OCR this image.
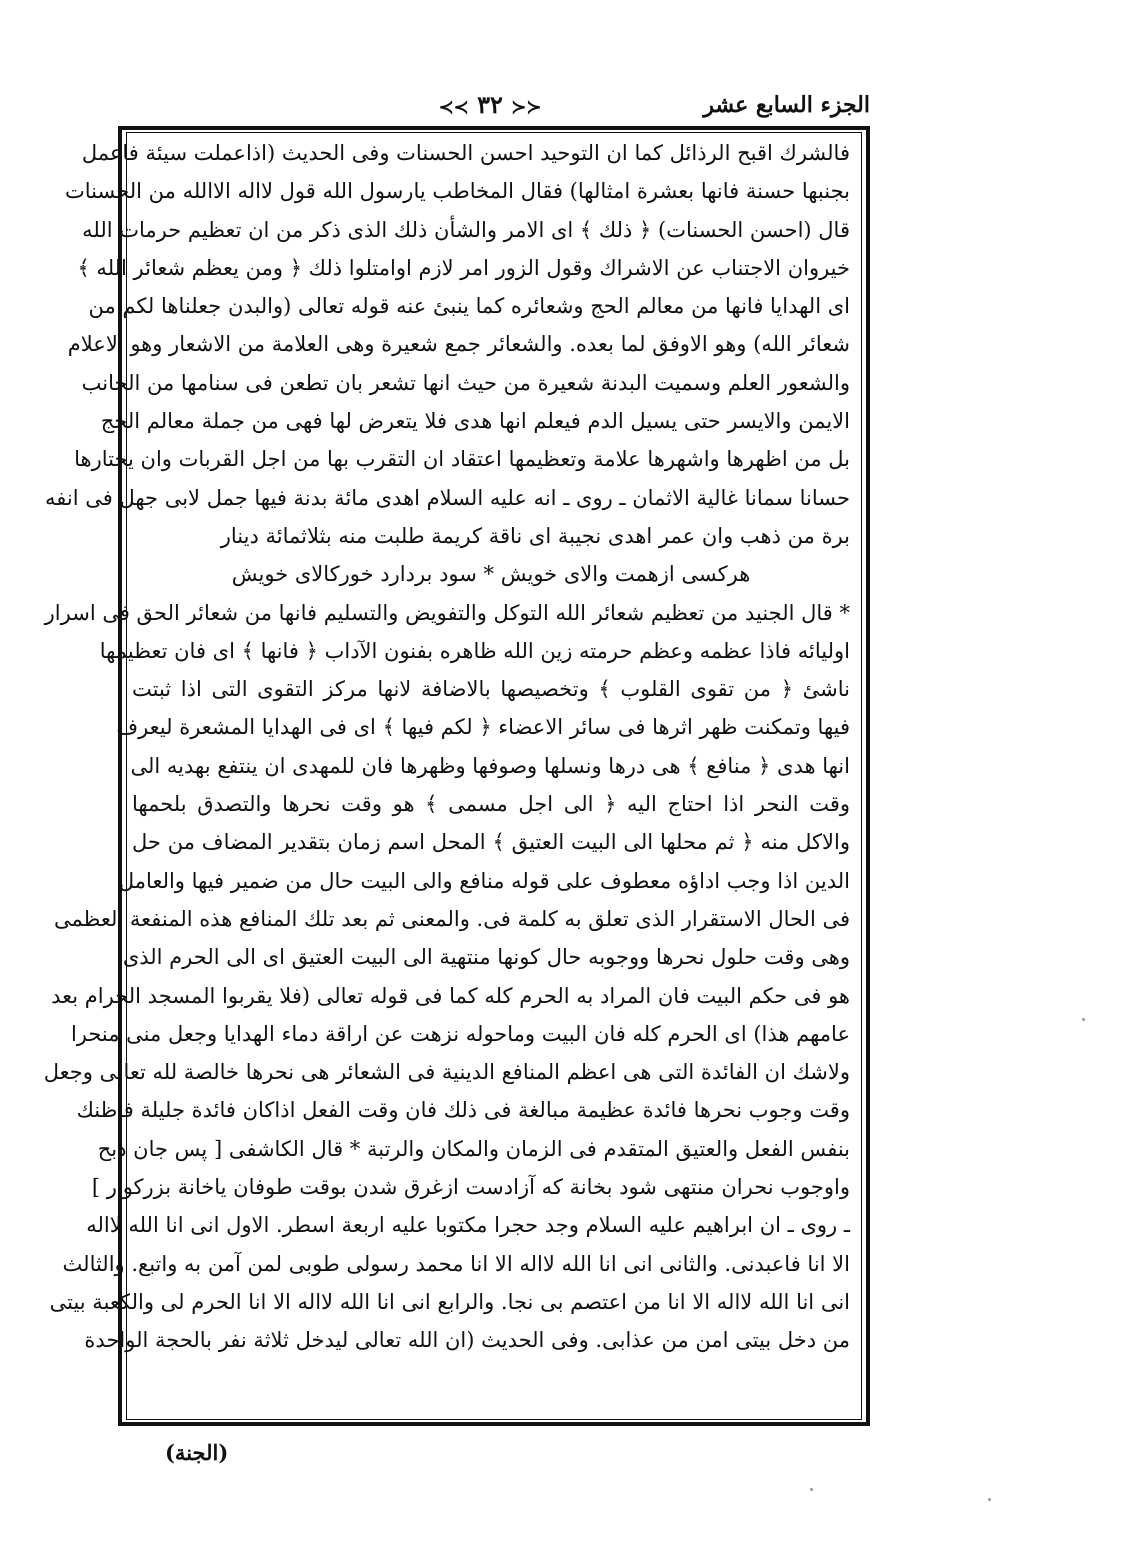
الجزء السابع عشر
≺≺ ٣٢ ≻≻
فالشرك اقبح الرذائل كما ان التوحيد احسن الحسنات وفى الحديث (اذاعملت سيئة فاعمل
بجنبها حسنة فانها بعشرة امثالها) فقال المخاطب يارسول الله قول لااله الاالله من الحسنات
قال (احسن الحسنات) ﴿ ذلك ﴾ اى الامر والشأن ذلك الذى ذكر من ان تعظيم حرمات الله
خيروان الاجتناب عن الاشراك وقول الزور امر لازم اوامتلوا ذلك ﴿ ومن يعظم شعائر الله ﴾
اى الهدايا فانها من معالم الحج وشعائره كما ينبئ عنه قوله تعالى (والبدن جعلناها لكم من
شعائر الله) وهو الاوفق لما بعده. والشعائر جمع شعيرة وهى العلامة من الاشعار وهو الاعلام
والشعور العلم وسميت البدنة شعيرة من حيث انها تشعر بان تطعن فى سنامها من الجانب
الايمن والايسر حتى يسيل الدم فيعلم انها هدى فلا يتعرض لها فهى من جملة معالم الحج
بل من اظهرها واشهرها علامة وتعظيمها اعتقاد ان التقرب بها من اجل القربات وان يختارها
حسانا سمانا غالية الاثمان ـ روى ـ انه عليه السلام اهدى مائة بدنة فيها جمل لابى جهل فى انفه
برة من ذهب وان عمر اهدى نجيبة اى ناقة كريمة طلبت منه بثلاثمائة دينار
هركسى ازهمت والاى خويش * سود بردارد خوركالاى خويش
* قال الجنيد من تعظيم شعائر الله التوكل والتفويض والتسليم فانها من شعائر الحق فى اسرار
اوليائه فاذا عظمه وعظم حرمته زين الله ظاهره بفنون الآداب ﴿ فانها ﴾ اى فان تعظيمها
ناشئ ﴿ من تقوى القلوب ﴾ وتخصيصها بالاضافة لانها مركز التقوى التى اذا ثبتت
فيها وتمكنت ظهر اثرها فى سائر الاعضاء ﴿ لكم فيها ﴾ اى فى الهدايا المشعرة ليعرف
انها هدى ﴿ منافع ﴾ هى درها ونسلها وصوفها وظهرها فان للمهدى ان ينتفع بهديه الى
وقت النحر اذا احتاج اليه ﴿ الى اجل مسمى ﴾ هو وقت نحرها والتصدق بلحمها
والاكل منه ﴿ ثم محلها الى البيت العتيق ﴾ المحل اسم زمان بتقدير المضاف من حل
الدين اذا وجب اداؤه معطوف على قوله منافع والى البيت حال من ضمير فيها والعامل
فى الحال الاستقرار الذى تعلق به كلمة فى. والمعنى ثم بعد تلك المنافع هذه المنفعة العظمى
وهى وقت حلول نحرها ووجوبه حال كونها منتهية الى البيت العتيق اى الى الحرم الذى
هو فى حكم البيت فان المراد به الحرم كله كما فى قوله تعالى (فلا يقربوا المسجد الحرام بعد
عامهم هذا) اى الحرم كله فان البيت وماحوله نزهت عن اراقة دماء الهدايا وجعل منى منحرا
ولاشك ان الفائدة التى هى اعظم المنافع الدينية فى الشعائر هى نحرها خالصة لله تعالى وجعل
وقت وجوب نحرها فائدة عظيمة مبالغة فى ذلك فان وقت الفعل اذاكان فائدة جليلة فاظنك
بنفس الفعل والعتيق المتقدم فى الزمان والمكان والرتبة * قال الكاشفى [ پس جان ذبح
واوجوب نحران منتهى شود بخانة كه آزادست ازغرق شدن بوقت طوفان ياخانة بزركوار ]
ـ روى ـ ان ابراهيم عليه السلام وجد حجرا مكتوبا عليه اربعة اسطر. الاول انى انا الله لااله
الا انا فاعبدنى. والثانى انى انا الله لااله الا انا محمد رسولى طوبى لمن آمن به واتبع. والثالث
انى انا الله لااله الا انا من اعتصم بى نجا. والرابع انى انا الله لااله الا انا الحرم لى والكعبة بيتى
من دخل بيتى امن من عذابى. وفى الحديث (ان الله تعالى ليدخل ثلاثة نفر بالحجة الواحدة
(الجنة)
